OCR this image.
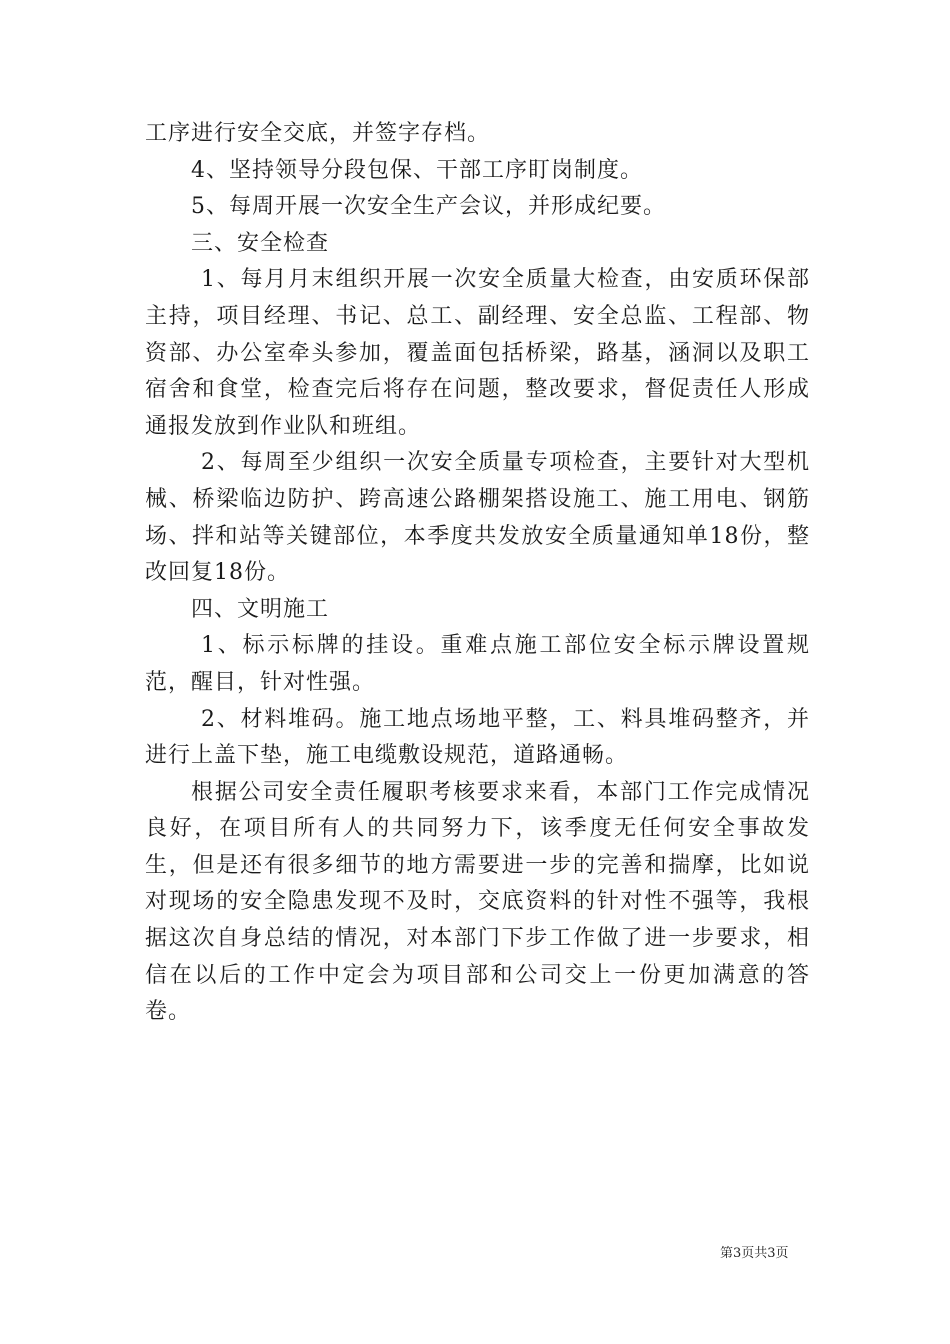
工序进行安全交底，并签字存档。

4、坚持领导分段包保、干部工序盯岗制度。

5、每周开展一次安全生产会议，并形成纪要。

三、安全检查

1、每月月末组织开展一次安全质量大检查，由安质环保部主持，项目经理、书记、总工、副经理、安全总监、工程部、物资部、办公室牵头参加，覆盖面包括桥梁，路基，涵洞以及职工宿舍和食堂，检查完后将存在问题，整改要求，督促责任人形成通报发放到作业队和班组。

2、每周至少组织一次安全质量专项检查，主要针对大型机械、桥梁临边防护、跨高速公路棚架搭设施工、施工用电、钢筋场、拌和站等关键部位，本季度共发放安全质量通知单18份，整改回复18份。

四、文明施工

1、标示标牌的挂设。重难点施工部位安全标示牌设置规范，醒目，针对性强。

2、材料堆码。施工地点场地平整，工、料具堆码整齐，并进行上盖下垫，施工电缆敷设规范，道路通畅。

根据公司安全责任履职考核要求来看，本部门工作完成情况良好，在项目所有人的共同努力下，该季度无任何安全事故发生，但是还有很多细节的地方需要进一步的完善和揣摩，比如说对现场的安全隐患发现不及时，交底资料的针对性不强等，我根据这次自身总结的情况，对本部门下步工作做了进一步要求，相信在以后的工作中定会为项目部和公司交上一份更加满意的答卷。

第3页共3页
